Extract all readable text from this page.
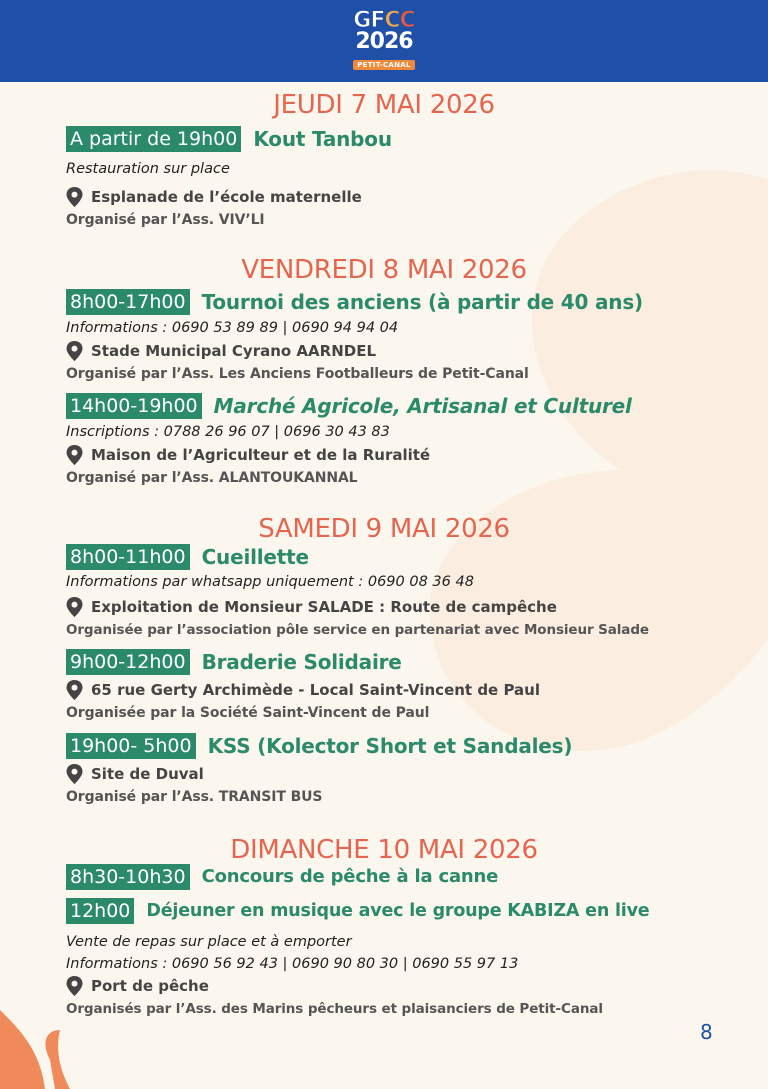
GFCC
2026
PETIT-CANAL
JEUDI 7 MAI 2026
A partir de 19h00 Kout Tanbou
Restauration sur place
Esplanade de l’école maternelle
Organisé par l’Ass. VIV’LI
VENDREDI 8 MAI 2026
8h00-17h00 Tournoi des anciens (à partir de 40 ans)
Informations : 0690 53 89 89 | 0690 94 94 04
Stade Municipal Cyrano AARNDEL
Organisé par l’Ass. Les Anciens Footballeurs de Petit-Canal
14h00-19h00 Marché Agricole, Artisanal et Culturel
Inscriptions : 0788 26 96 07 | 0696 30 43 83
Maison de l’Agriculteur et de la Ruralité
Organisé par l’Ass. ALANTOUKANNAL
SAMEDI 9 MAI 2026
8h00-11h00 Cueillette
Informations par whatsapp uniquement : 0690 08 36 48
Exploitation de Monsieur SALADE : Route de campêche
Organisée par l’association pôle service en partenariat avec Monsieur Salade
9h00-12h00 Braderie Solidaire
65 rue Gerty Archimède - Local Saint-Vincent de Paul
Organisée par la Société Saint-Vincent de Paul
19h00- 5h00 KSS (Kolector Short et Sandales)
Site de Duval
Organisé par l’Ass. TRANSIT BUS
DIMANCHE 10 MAI 2026
8h30-10h30 Concours de pêche à la canne
12h00 Déjeuner en musique avec le groupe KABIZA en live
Vente de repas sur place et à emporter
Informations : 0690 56 92 43 | 0690 90 80 30 | 0690 55 97 13
Port de pêche
Organisés par l’Ass. des Marins pêcheurs et plaisanciers de Petit-Canal
8
